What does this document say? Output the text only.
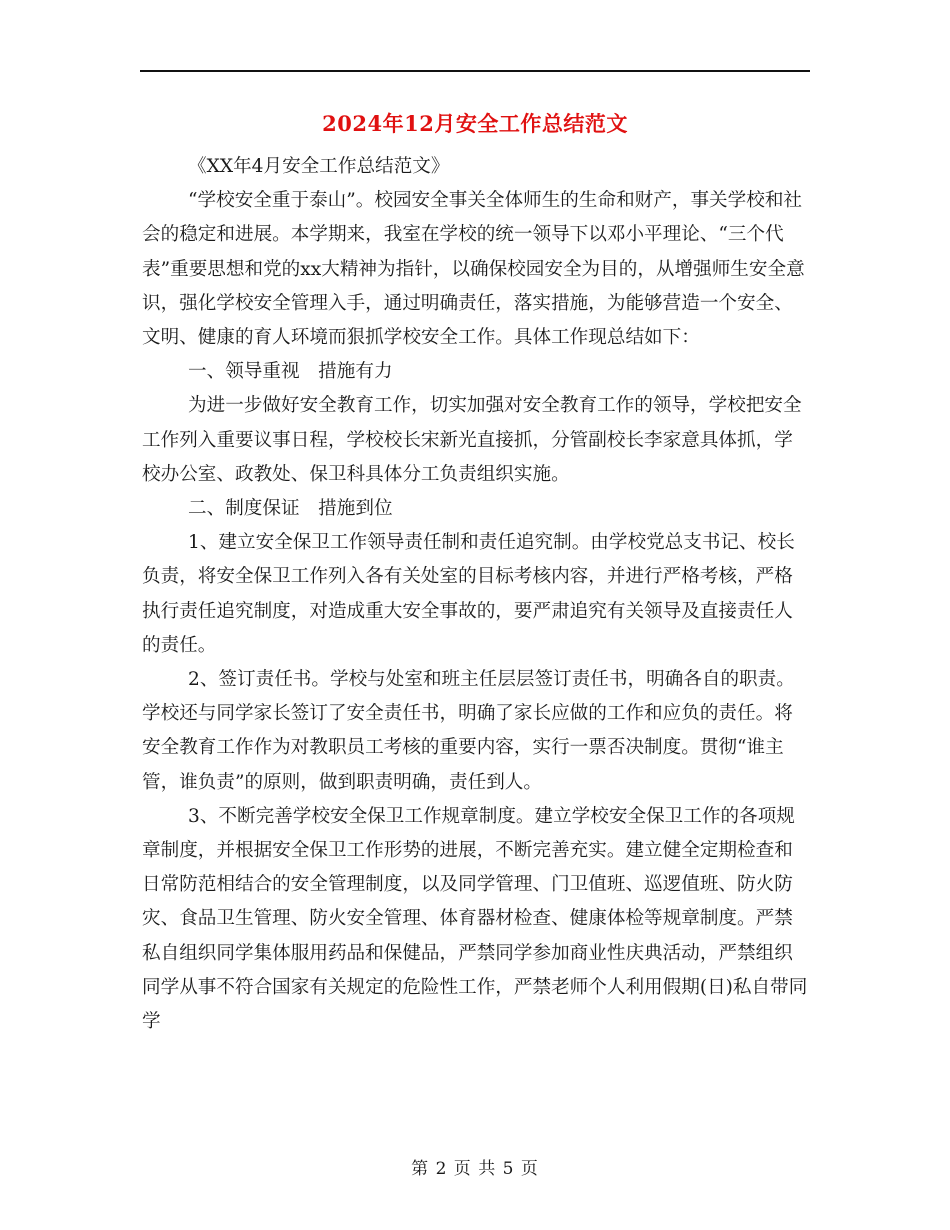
2024年12月安全工作总结范文

《XX年4月安全工作总结范文》

“学校安全重于泰山”。校园安全事关全体师生的生命和财产，事关学校和社会的稳定和进展。本学期来，我室在学校的统一领导下以邓小平理论、“三个代表”重要思想和党的xx大精神为指针，以确保校园安全为目的，从增强师生安全意识，强化学校安全管理入手，通过明确责任，落实措施，为能够营造一个安全、文明、健康的育人环境而狠抓学校安全工作。具体工作现总结如下：

一、领导重视　措施有力

为进一步做好安全教育工作，切实加强对安全教育工作的领导，学校把安全工作列入重要议事日程，学校校长宋新光直接抓，分管副校长李家意具体抓，学校办公室、政教处、保卫科具体分工负责组织实施。

二、制度保证　措施到位

1、建立安全保卫工作领导责任制和责任追究制。由学校党总支书记、校长负责，将安全保卫工作列入各有关处室的目标考核内容，并进行严格考核，严格执行责任追究制度，对造成重大安全事故的，要严肃追究有关领导及直接责任人的责任。

2、签订责任书。学校与处室和班主任层层签订责任书，明确各自的职责。学校还与同学家长签订了安全责任书，明确了家长应做的工作和应负的责任。将安全教育工作作为对教职员工考核的重要内容，实行一票否决制度。贯彻“谁主管，谁负责”的原则，做到职责明确，责任到人。

3、不断完善学校安全保卫工作规章制度。建立学校安全保卫工作的各项规章制度，并根据安全保卫工作形势的进展，不断完善充实。建立健全定期检查和日常防范相结合的安全管理制度，以及同学管理、门卫值班、巡逻值班、防火防灾、食品卫生管理、防火安全管理、体育器材检查、健康体检等规章制度。严禁私自组织同学集体服用药品和保健品，严禁同学参加商业性庆典活动，严禁组织同学从事不符合国家有关规定的危险性工作，严禁老师个人利用假期(日)私自带同学

第 2 页 共 5 页
